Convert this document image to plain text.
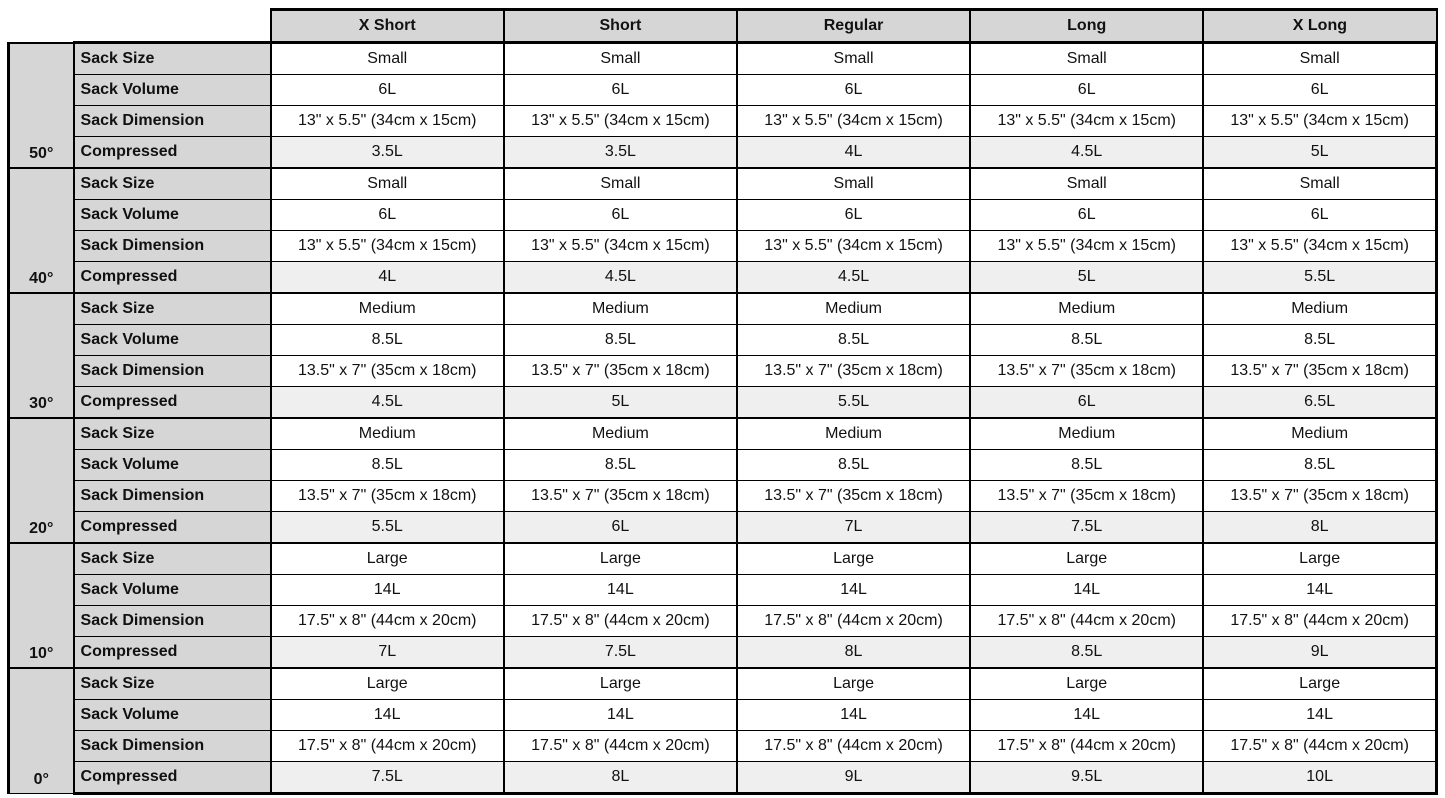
		X Short	Short	Regular	Long	X Long
50°	Sack Size	Small	Small	Small	Small	Small
	Sack Volume	6L	6L	6L	6L	6L
	Sack Dimension	13" x 5.5" (34cm x 15cm)	13" x 5.5" (34cm x 15cm)	13" x 5.5" (34cm x 15cm)	13" x 5.5" (34cm x 15cm)	13" x 5.5" (34cm x 15cm)
	Compressed	3.5L	3.5L	4L	4.5L	5L
40°	Sack Size	Small	Small	Small	Small	Small
	Sack Volume	6L	6L	6L	6L	6L
	Sack Dimension	13" x 5.5" (34cm x 15cm)	13" x 5.5" (34cm x 15cm)	13" x 5.5" (34cm x 15cm)	13" x 5.5" (34cm x 15cm)	13" x 5.5" (34cm x 15cm)
	Compressed	4L	4.5L	4.5L	5L	5.5L
30°	Sack Size	Medium	Medium	Medium	Medium	Medium
	Sack Volume	8.5L	8.5L	8.5L	8.5L	8.5L
	Sack Dimension	13.5" x 7" (35cm x 18cm)	13.5" x 7" (35cm x 18cm)	13.5" x 7" (35cm x 18cm)	13.5" x 7" (35cm x 18cm)	13.5" x 7" (35cm x 18cm)
	Compressed	4.5L	5L	5.5L	6L	6.5L
20°	Sack Size	Medium	Medium	Medium	Medium	Medium
	Sack Volume	8.5L	8.5L	8.5L	8.5L	8.5L
	Sack Dimension	13.5" x 7" (35cm x 18cm)	13.5" x 7" (35cm x 18cm)	13.5" x 7" (35cm x 18cm)	13.5" x 7" (35cm x 18cm)	13.5" x 7" (35cm x 18cm)
	Compressed	5.5L	6L	7L	7.5L	8L
10°	Sack Size	Large	Large	Large	Large	Large
	Sack Volume	14L	14L	14L	14L	14L
	Sack Dimension	17.5" x 8" (44cm x 20cm)	17.5" x 8" (44cm x 20cm)	17.5" x 8" (44cm x 20cm)	17.5" x 8" (44cm x 20cm)	17.5" x 8" (44cm x 20cm)
	Compressed	7L	7.5L	8L	8.5L	9L
0°	Sack Size	Large	Large	Large	Large	Large
	Sack Volume	14L	14L	14L	14L	14L
	Sack Dimension	17.5" x 8" (44cm x 20cm)	17.5" x 8" (44cm x 20cm)	17.5" x 8" (44cm x 20cm)	17.5" x 8" (44cm x 20cm)	17.5" x 8" (44cm x 20cm)
	Compressed	7.5L	8L	9L	9.5L	10L
